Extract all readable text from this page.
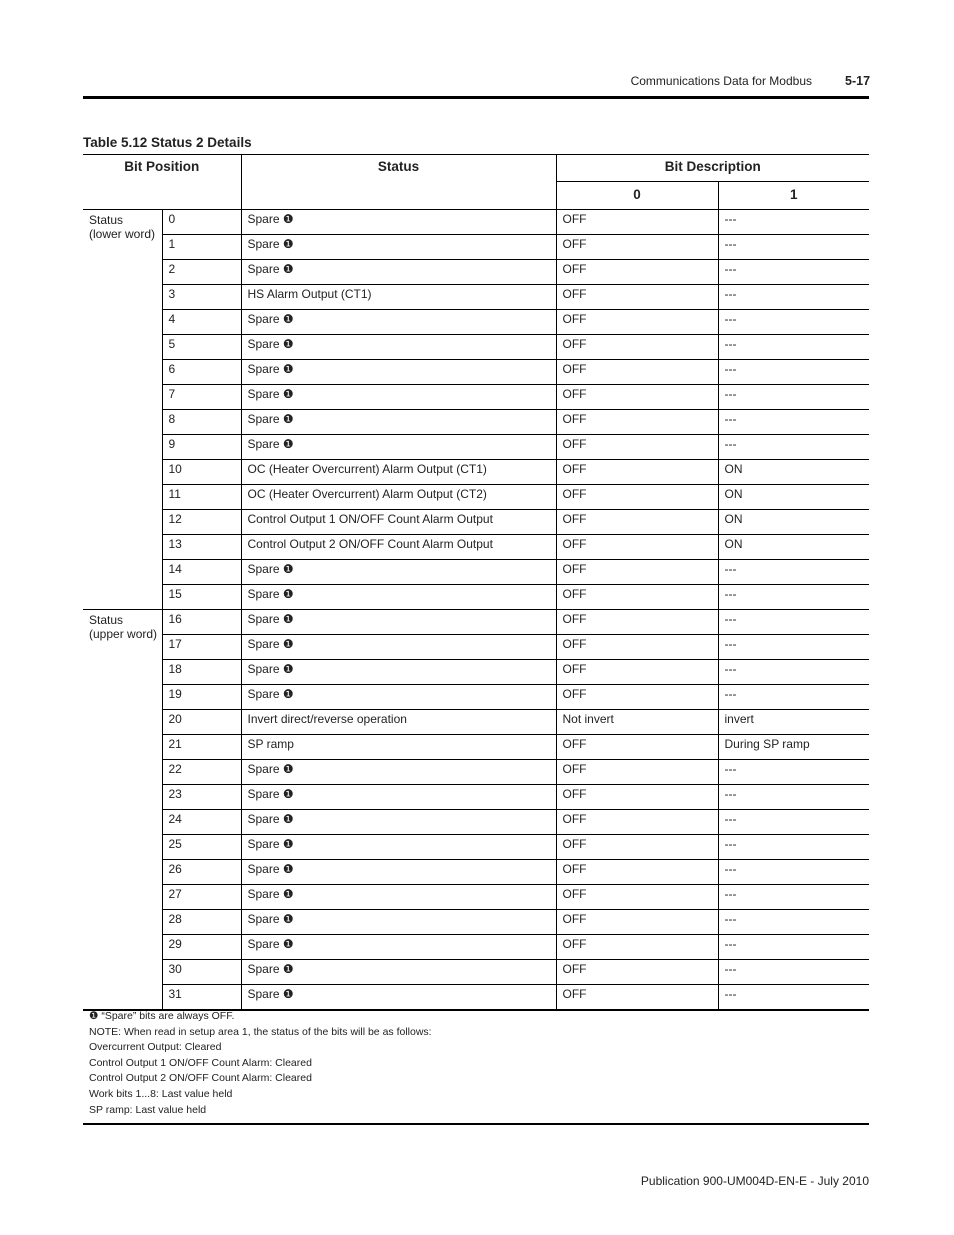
Communications Data for Modbus	5-17
Table 5.12 Status 2 Details
Bit Position		Status	Bit Description	
			0	1
Status
(lower word)	0	Spare ❶	OFF	---
	1	Spare ❶	OFF	---
	2	Spare ❶	OFF	---
	3	HS Alarm Output (CT1)	OFF	---
	4	Spare ❶	OFF	---
	5	Spare ❶	OFF	---
	6	Spare ❶	OFF	---
	7	Spare ❶	OFF	---
	8	Spare ❶	OFF	---
	9	Spare ❶	OFF	---
	10	OC (Heater Overcurrent) Alarm Output (CT1)	OFF	ON
	11	OC (Heater Overcurrent) Alarm Output (CT2)	OFF	ON
	12	Control Output 1 ON/OFF Count Alarm Output	OFF	ON
	13	Control Output 2 ON/OFF Count Alarm Output	OFF	ON
	14	Spare ❶	OFF	---
	15	Spare ❶	OFF	---
Status
(upper word)	16	Spare ❶	OFF	---
	17	Spare ❶	OFF	---
	18	Spare ❶	OFF	---
	19	Spare ❶	OFF	---
	20	Invert direct/reverse operation	Not invert	invert
	21	SP ramp	OFF	During SP ramp
	22	Spare ❶	OFF	---
	23	Spare ❶	OFF	---
	24	Spare ❶	OFF	---
	25	Spare ❶	OFF	---
	26	Spare ❶	OFF	---
	27	Spare ❶	OFF	---
	28	Spare ❶	OFF	---
	29	Spare ❶	OFF	---
	30	Spare ❶	OFF	---
	31	Spare ❶	OFF	---
❶ “Spare” bits are always OFF.
NOTE: When read in setup area 1, the status of the bits will be as follows:
Overcurrent Output: Cleared
Control Output 1 ON/OFF Count Alarm: Cleared
Control Output 2 ON/OFF Count Alarm: Cleared
Work bits 1...8: Last value held
SP ramp: Last value held
Publication 900-UM004D-EN-E - July 2010
